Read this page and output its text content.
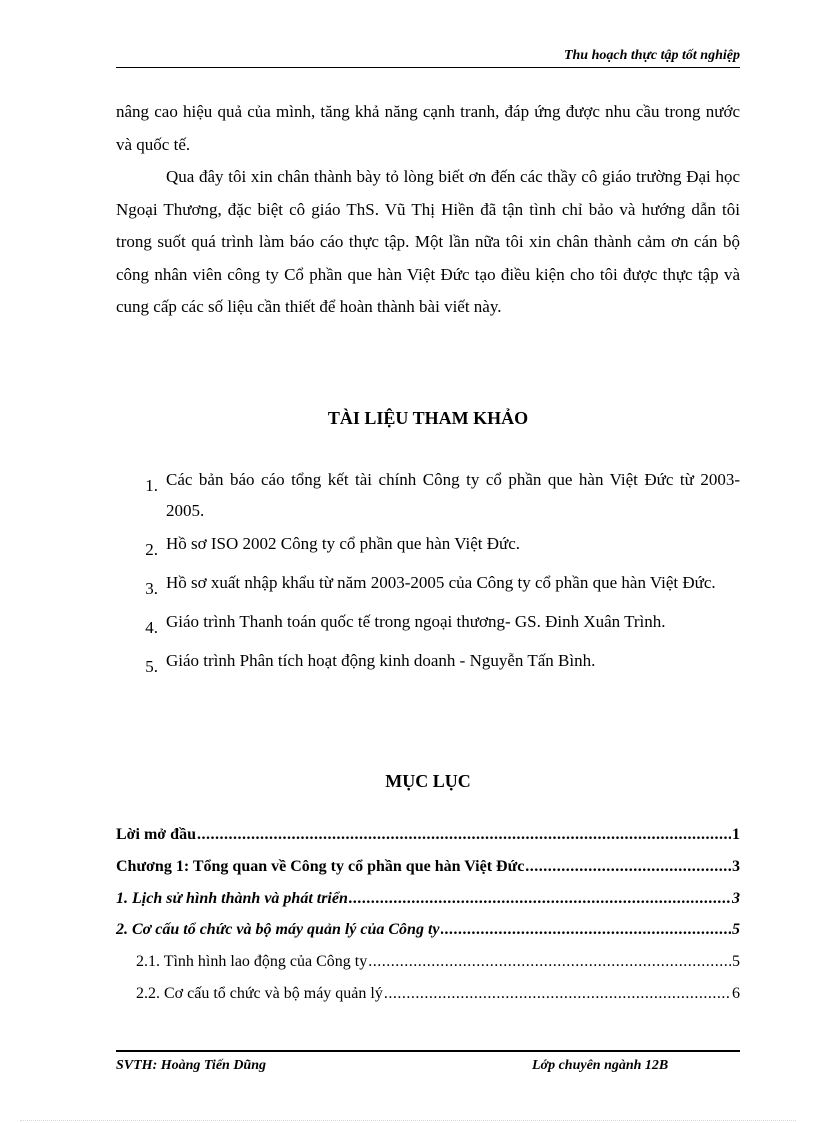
Thu hoạch thực tập tốt nghiệp

nâng cao hiệu quả của mình, tăng khả năng cạnh tranh, đáp ứng được nhu cầu trong nước và quốc tế.

Qua đây tôi xin chân thành bày tỏ lòng biết ơn đến các thầy cô giáo trường Đại học Ngoại Thương, đặc biệt cô giáo ThS. Vũ Thị Hiền đã tận tình chỉ bảo và hướng dẫn tôi trong suốt quá trình làm báo cáo thực tập. Một lần nữa tôi xin chân thành cảm ơn cán bộ công nhân viên công ty Cổ phần que hàn Việt Đức tạo điều kiện cho tôi được thực tập và cung cấp các số liệu cần thiết để hoàn thành bài viết này.

TÀI LIỆU THAM KHẢO
1. Các bản báo cáo tổng kết tài chính Công ty cổ phần que hàn Việt Đức từ 2003-2005.
2. Hồ sơ ISO 2002 Công ty cổ phần que hàn Việt Đức.
3. Hồ sơ xuất nhập khẩu từ năm 2003-2005 của Công ty cổ phần que hàn Việt Đức.
4. Giáo trình Thanh toán quốc tế trong ngoại thương- GS. Đinh Xuân Trình.
5. Giáo trình Phân tích hoạt động kinh doanh - Nguyễn Tấn Bình.
MỤC LỤC
Lời mở đầu .....	1
Chương 1: Tổng quan về Công ty cổ phần que hàn Việt Đức .....	3
1. Lịch sử hình thành và phát triển .....	3
2. Cơ cấu tổ chức và bộ máy quản lý của Công ty .....	5
2.1. Tình hình lao động của Công ty .....	5
2.2. Cơ cấu tổ chức và bộ máy quản lý .....	6
SVTH: Hoàng Tiến Dũng	Lớp chuyên ngành 12B
